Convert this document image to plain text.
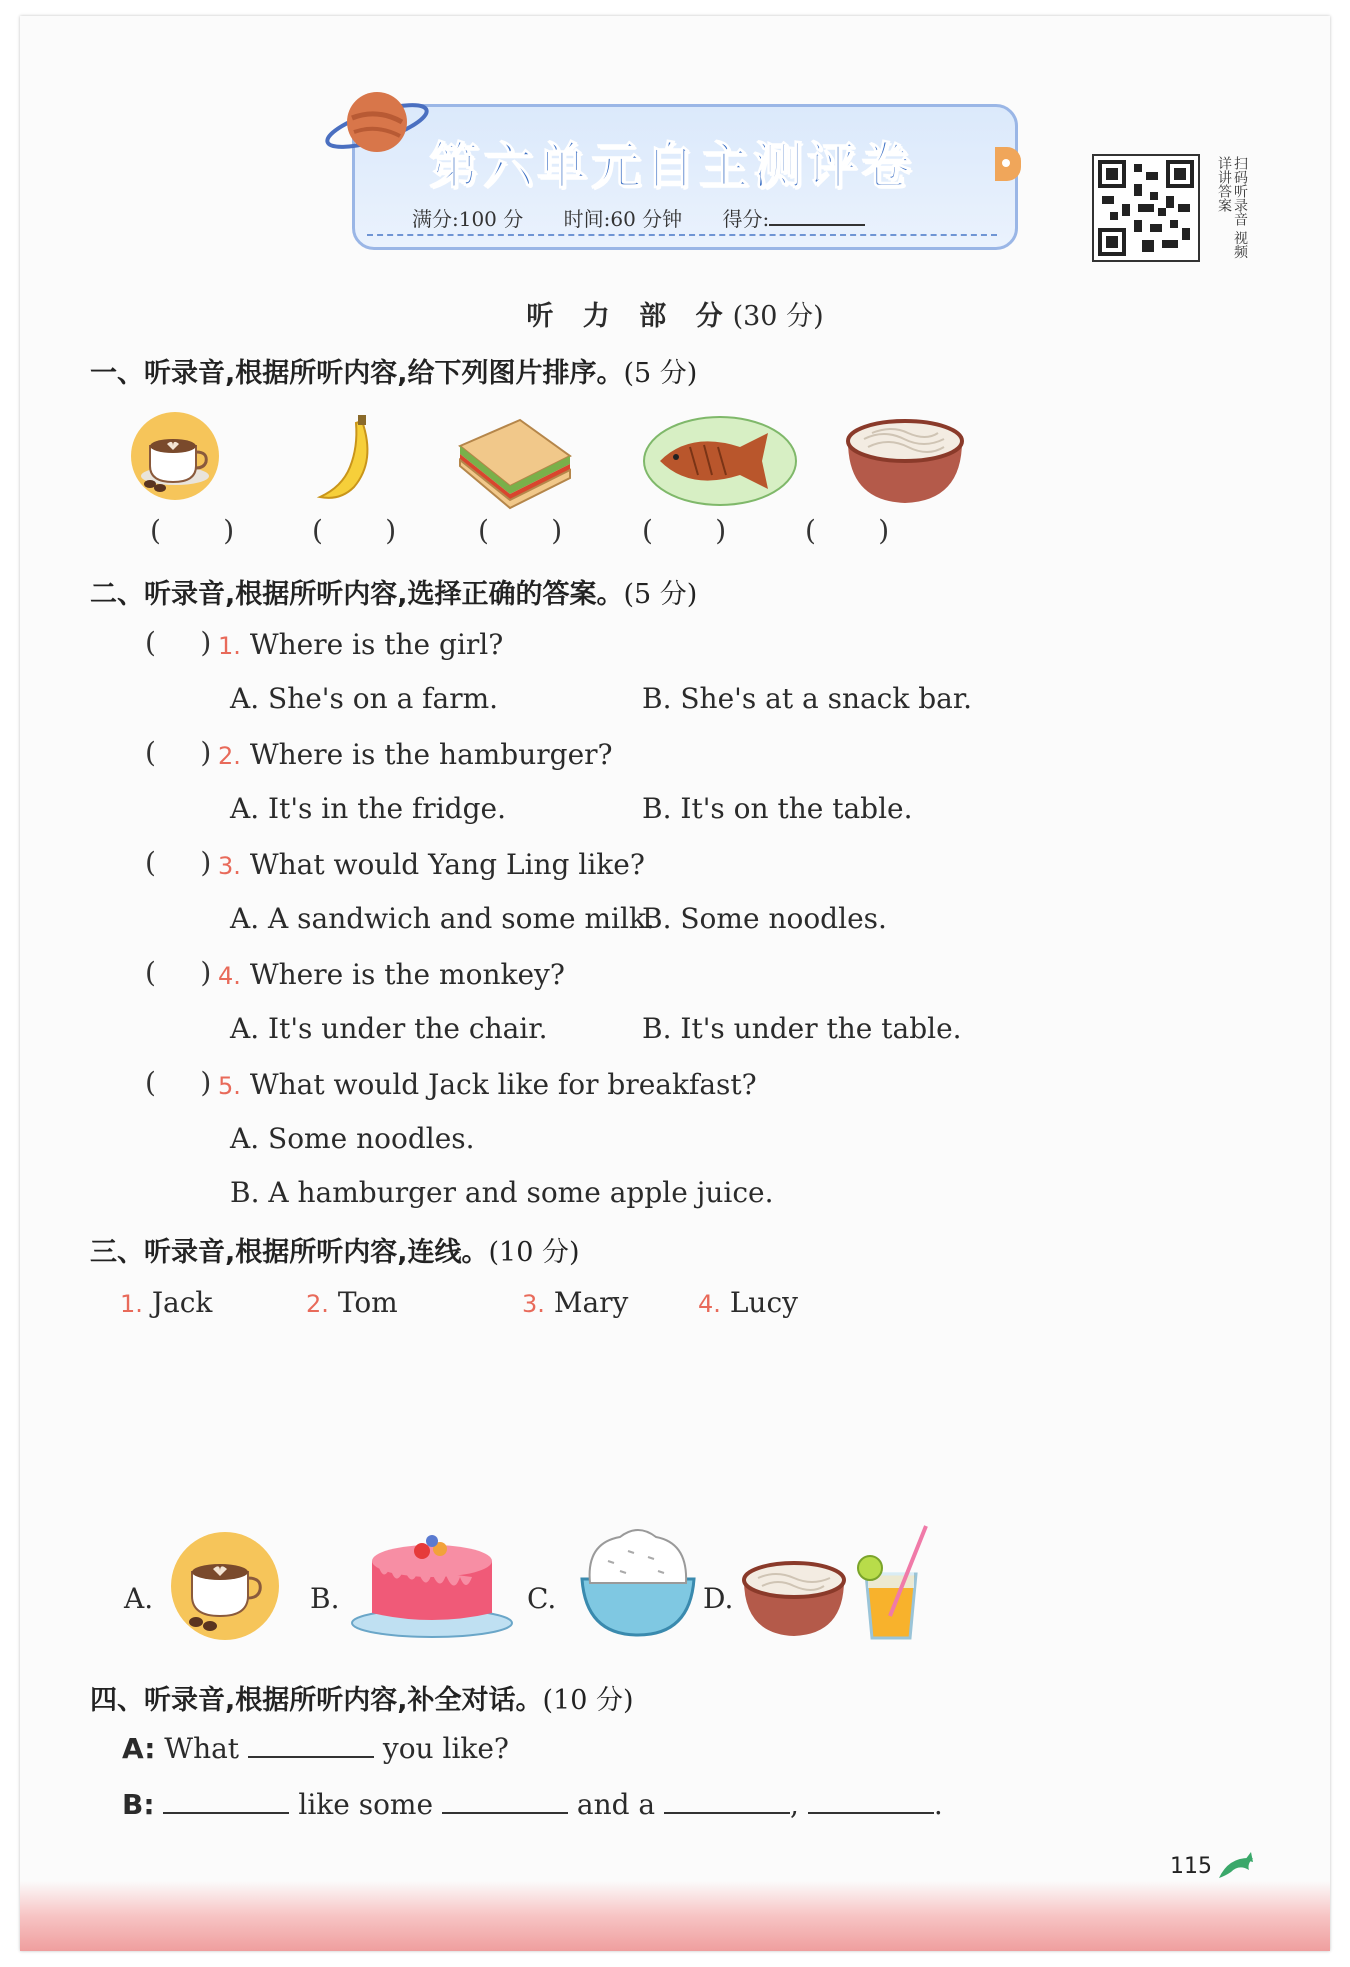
第六单元自主测评卷
满分:100 分 时间:60 分钟 得分:	扫码听录音 视频详讲答案
听 力 部 分(30 分)
一、听录音,根据所听内容,给下列图片排序。(5 分)
(       )	(       )	(       )	(       )	(       )
二、听录音,根据所听内容,选择正确的答案。(5 分)
(     ) 1. Where is the girl?
A. She's on a farm.	B. She's at a snack bar.
(     ) 2. Where is the hamburger?
A. It's in the fridge.	B. It's on the table.
(     ) 3. What would Yang Ling like?
A. A sandwich and some milk.
B. Some noodles.
(     ) 4. Where is the monkey?
A. It's under the chair.	B. It's under the table.
(     ) 5. What would Jack like for breakfast?
A. Some noodles.
B. A hamburger and some apple juice.
三、听录音,根据所听内容,连线。(10 分)
1. Jack	2. Tom	3. Mary	4. Lucy
A.	B.	C.	D.
四、听录音,根据所听内容,补全对话。(10 分)
A: What	you like?
B:	like some	and a	,	.
115
